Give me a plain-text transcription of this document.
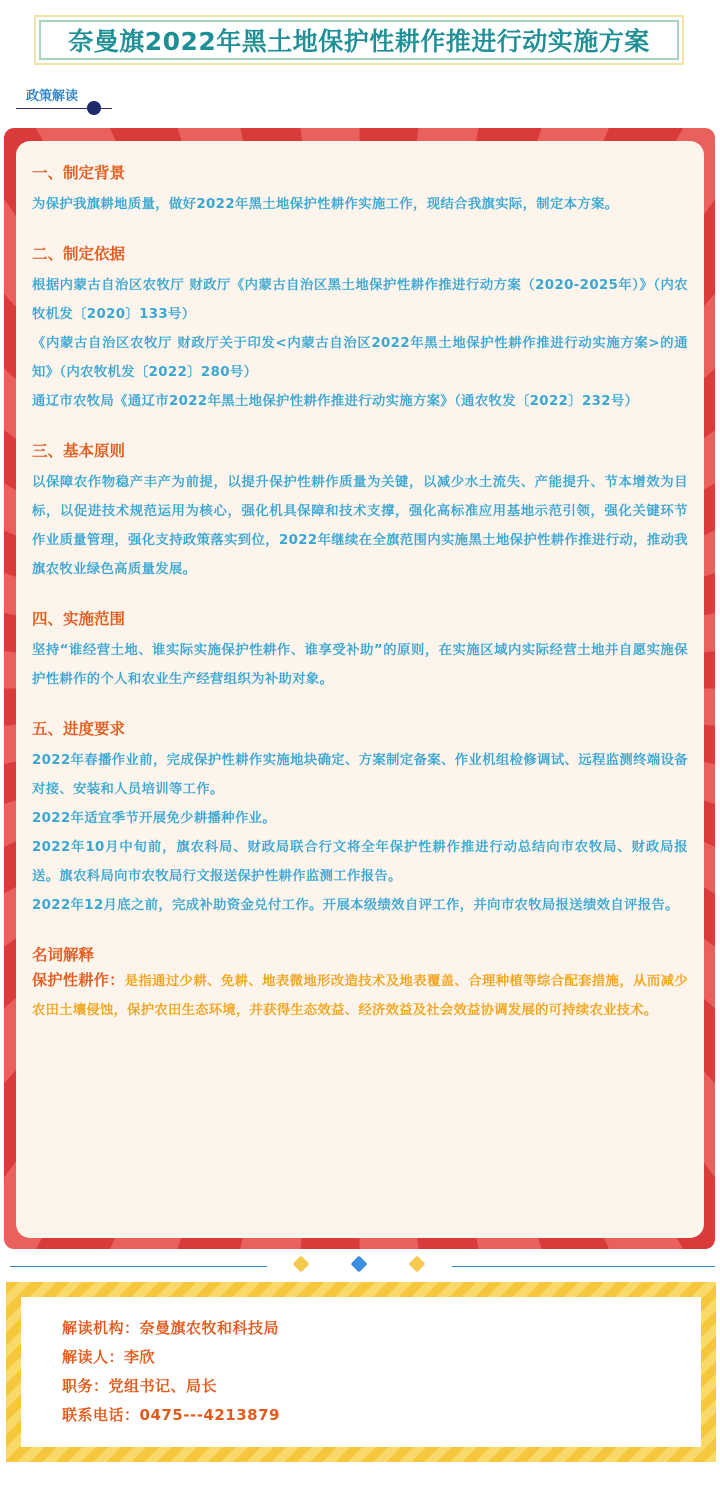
奈曼旗2022年黑土地保护性耕作推进行动实施方案
政策解读
一、制定背景

为保护我旗耕地质量，做好2022年黑土地保护性耕作实施工作，现结合我旗实际，制定本方案。

二、制定依据

根据内蒙古自治区农牧厅 财政厅《内蒙古自治区黑土地保护性耕作推进行动方案（2020-2025年）》（内农牧机发〔2020〕133号）

《内蒙古自治区农牧厅 财政厅关于印发<内蒙古自治区2022年黑土地保护性耕作推进行动实施方案>的通知》（内农牧机发〔2022〕280号）

通辽市农牧局《通辽市2022年黑土地保护性耕作推进行动实施方案》（通农牧发〔2022〕232号）

三、基本原则

以保障农作物稳产丰产为前提，以提升保护性耕作质量为关键，以减少水土流失、产能提升、节本增效为目标，以促进技术规范运用为核心，强化机具保障和技术支撑，强化高标准应用基地示范引领，强化关键环节作业质量管理，强化支持政策落实到位，2022年继续在全旗范围内实施黑土地保护性耕作推进行动，推动我旗农牧业绿色高质量发展。

四、实施范围

坚持“谁经营土地、谁实际实施保护性耕作、谁享受补助”的原则，在实施区域内实际经营土地并自愿实施保护性耕作的个人和农业生产经营组织为补助对象。

五、进度要求

2022年春播作业前，完成保护性耕作实施地块确定、方案制定备案、作业机组检修调试、远程监测终端设备对接、安装和人员培训等工作。

2022年适宜季节开展免少耕播种作业。

2022年10月中旬前，旗农科局、财政局联合行文将全年保护性耕作推进行动总结向市农牧局、财政局报送。旗农科局向市农牧局行文报送保护性耕作监测工作报告。

2022年12月底之前，完成补助资金兑付工作。开展本级绩效自评工作，并向市农牧局报送绩效自评报告。

名词解释

保护性耕作：是指通过少耕、免耕、地表微地形改造技术及地表覆盖、合理种植等综合配套措施，从而减少农田土壤侵蚀，保护农田生态环境，并获得生态效益、经济效益及社会效益协调发展的可持续农业技术。

解读机构：奈曼旗农牧和科技局
解读人：李欣
职务：党组书记、局长
联系电话：0475---4213879
